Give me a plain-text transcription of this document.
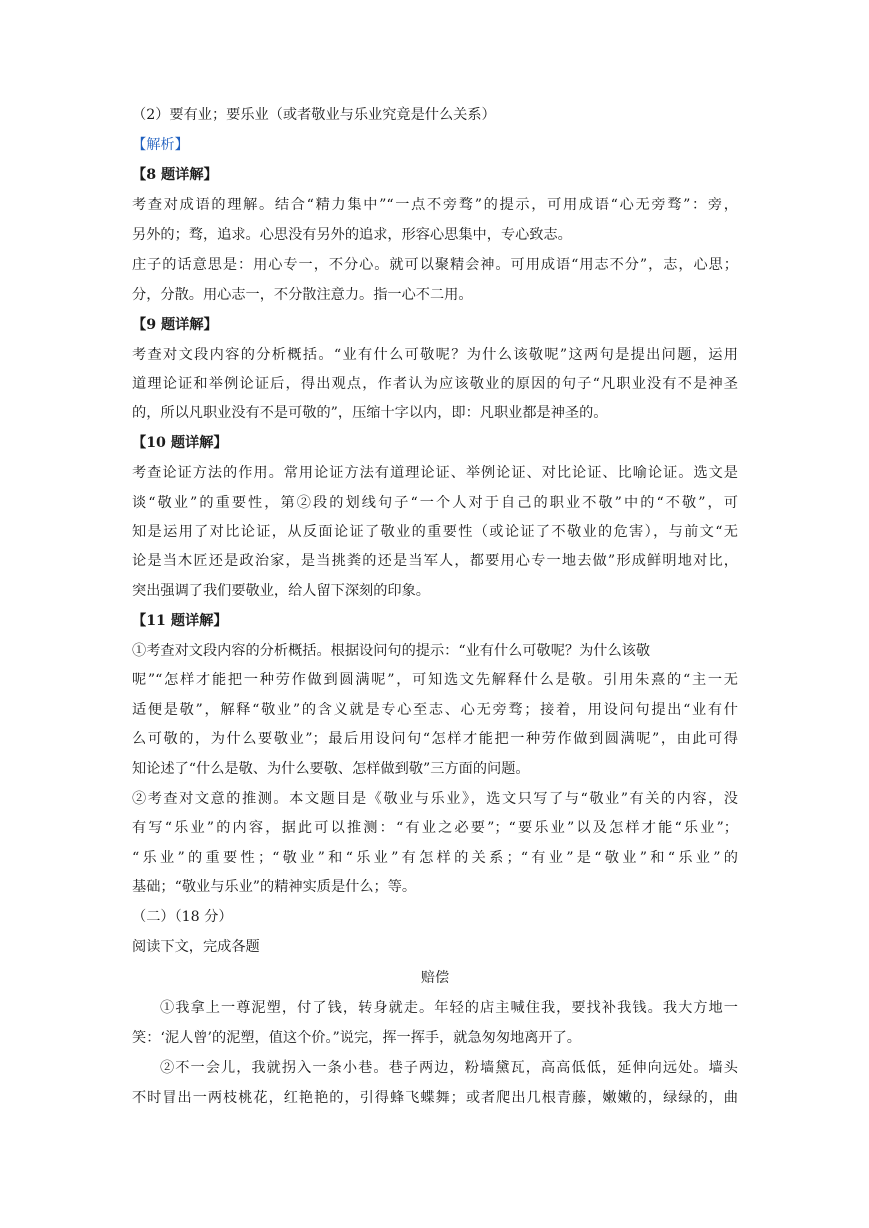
（2）要有业；要乐业（或者敬业与乐业究竟是什么关系）
【解析】
【8 题详解】
考查对成语的理解。结合“精力集中”“一点不旁骛”的提示，可用成语“心无旁骛”：旁，
另外的；骛，追求。心思没有另外的追求，形容心思集中，专心致志。
庄子的话意思是：用心专一，不分心。就可以聚精会神。可用成语“用志不分”，志，心思；
分，分散。用心志一，不分散注意力。指一心不二用。
【9 题详解】
考查对文段内容的分析概括。“业有什么可敬呢？为什么该敬呢”这两句是提出问题，运用
道理论证和举例论证后，得出观点，作者认为应该敬业的原因的句子“凡职业没有不是神圣
的，所以凡职业没有不是可敬的”，压缩十字以内，即：凡职业都是神圣的。
【10 题详解】
考查论证方法的作用。常用论证方法有道理论证、举例论证、对比论证、比喻论证。选文是
谈“敬业”的重要性，第②段的划线句子“一个人对于自己的职业不敬”中的“不敬”，可
知是运用了对比论证，从反面论证了敬业的重要性（或论证了不敬业的危害），与前文“无
论是当木匠还是政治家，是当挑粪的还是当军人，都要用心专一地去做”形成鲜明地对比，
突出强调了我们要敬业，给人留下深刻的印象。
【11 题详解】
①考查对文段内容的分析概括。根据设问句的提示：“业有什么可敬呢？为什么该敬
呢”“怎样才能把一种劳作做到圆满呢”，可知选文先解释什么是敬。引用朱熹的“主一无
适便是敬”，解释“敬业”的含义就是专心至志、心无旁骛；接着，用设问句提出“业有什
么可敬的，为什么要敬业”；最后用设问句“怎样才能把一种劳作做到圆满呢”，由此可得
知论述了“什么是敬、为什么要敬、怎样做到敬”三方面的问题。
②考查对文意的推测。本文题目是《敬业与乐业》，选文只写了与“敬业”有关的内容，没
有写“乐业”的内容，据此可以推测：“有业之必要”；“要乐业”以及怎样才能“乐业”；
“乐业”的重要性；“敬业”和“乐业”有怎样的关系；“有业”是“敬业”和“乐业”的
基础；“敬业与乐业”的精神实质是什么；等。
（二）（18 分）
阅读下文，完成各题
赔偿
①我拿上一尊泥塑，付了钱，转身就走。年轻的店主喊住我，要找补我钱。我大方地一
笑：‘泥人曾’的泥塑，值这个价。”说完，挥一挥手，就急匆匆地离开了。
②不一会儿，我就拐入一条小巷。巷子两边，粉墙黛瓦，高高低低，延伸向远处。墙头
不时冒出一两枝桃花，红艳艳的，引得蜂飞蝶舞；或者爬出几根青藤，嫩嫩的，绿绿的，曲
